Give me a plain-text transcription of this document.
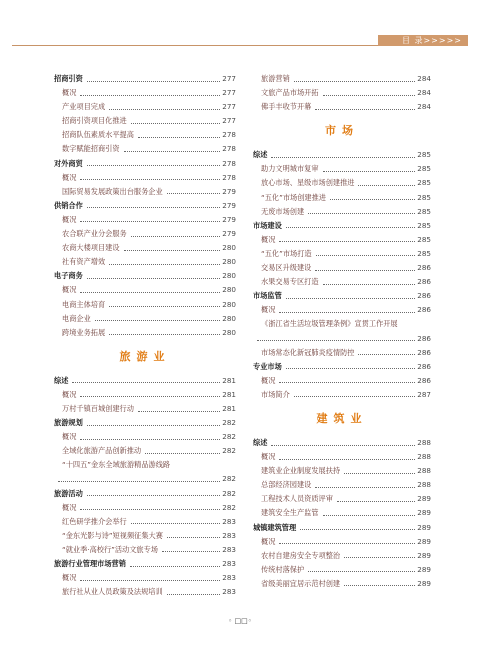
目 录>>>>>
招商引资	277
概况	277
产业项目完成	277
招商引资项目化推进	277
招商队伍素质水平提高	278
数字赋能招商引资	278
对外商贸	278
概况	278
国际贸易发展政策出台服务企业	279
供销合作	279
概况	279
农合联产业分会服务	279
农商大楼项目建设	280
社有资产增效	280
电子商务	280
概况	280
电商主体培育	280
电商企业	280
跨境业务拓展	280
旅游业
综述	281
概况	281
万村千镇百城创建行动	281
旅游规划	282
概况	282
全域化旅游产品创新推动	282
“十四五”金东全域旅游精品游线路
282
旅游活动	282
概况	282
红色研学推介会举行	283
“金东光影与诗”短视频征集大赛	283
“就业季·高校行”活动文旅专场	283
旅游行业管理市场营销	283
概况	283
旅行社从业人员政策及法规培训	283
旅游营销	284
文旅产品市场开拓	284
佛手丰收节开幕	284
市场
综述	285
助力文明城市复审	285
放心市场、星级市场创建推进	285
“五化”市场创建推进	285
无废市场创建	285
市场建设	285
概况	285
“五化”市场打造	285
交易区升级建设	286
水果交易专区打造	286
市场监管	286
概况	286
《浙江省生活垃圾管理条例》宣贯工作开展
286
市场常态化新冠肺炎疫情防控	286
专业市场	286
概况	286
市场简介	287
建筑业
综述	288
概况	288
建筑业企业制度发展扶持	288
总部经济园建设	288
工程技术人员资质评审	289
建筑安全生产监管	289
城镇建筑管理	289
概况	289
农村自建房安全专项整治	289
传统村落保护	289
省级美丽宜居示范村创建	289
◦ □□◦
